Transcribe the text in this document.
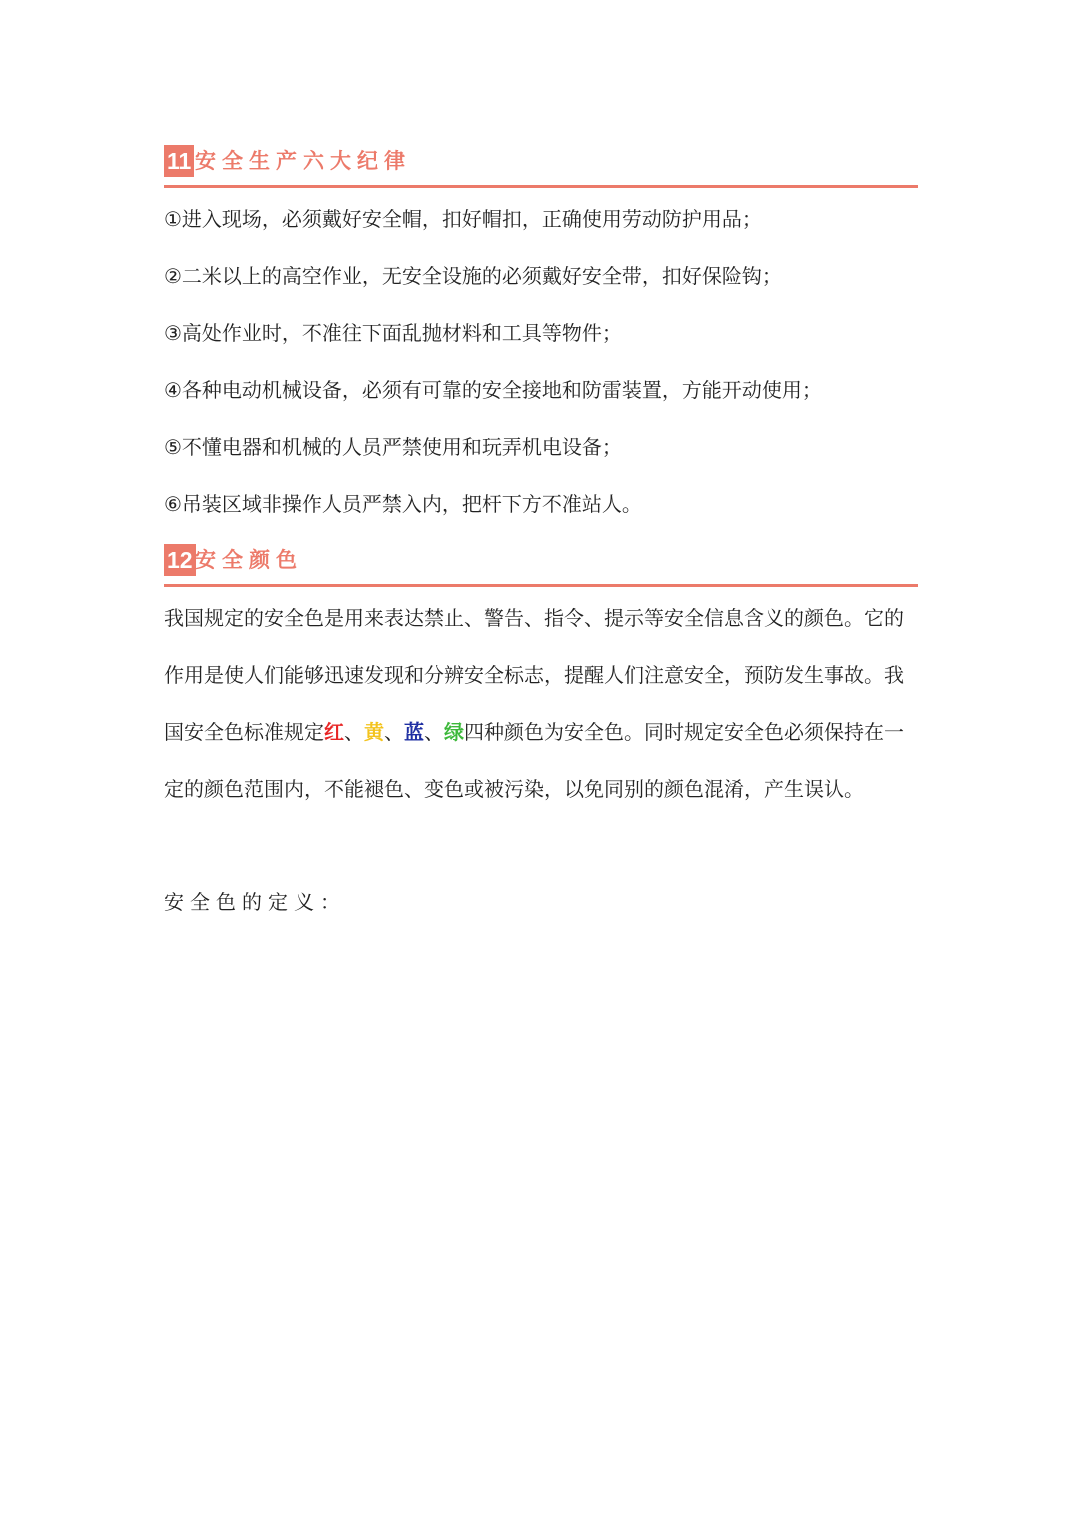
11 安全生产六大纪律
①进入现场，必须戴好安全帽，扣好帽扣，正确使用劳动防护用品；
②二米以上的高空作业，无安全设施的必须戴好安全带，扣好保险钩；
③高处作业时，不准往下面乱抛材料和工具等物件；
④各种电动机械设备，必须有可靠的安全接地和防雷装置，方能开动使用；
⑤不懂电器和机械的人员严禁使用和玩弄机电设备；
⑥吊装区域非操作人员严禁入内，把杆下方不准站人。
12 安全颜色
我国规定的安全色是用来表达禁止、警告、指令、提示等安全信息含义的颜色。它的作用是使人们能够迅速发现和分辨安全标志，提醒人们注意安全，预防发生事故。我国安全色标准规定红、黄、蓝、绿四种颜色为安全色。同时规定安全色必须保持在一定的颜色范围内，不能褪色、变色或被污染，以免同别的颜色混淆，产生误认。
安全色的定义：
